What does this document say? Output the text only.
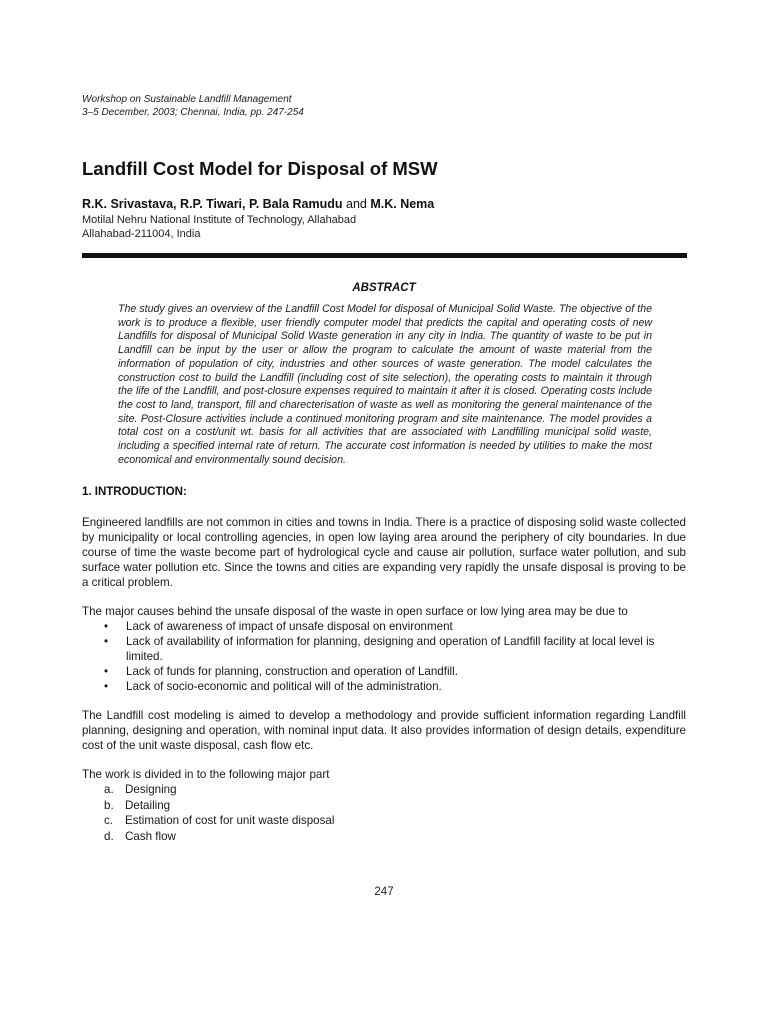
Workshop on Sustainable Landfill Management
3–5 December, 2003; Chennai, India, pp. 247-254
Landfill Cost Model for Disposal of MSW
R.K. Srivastava, R.P. Tiwari, P. Bala Ramudu and M.K. Nema
Motilal Nehru National Institute of Technology, Allahabad
Allahabad-211004, India
ABSTRACT
The study gives an overview of the Landfill Cost Model for disposal of Municipal Solid Waste. The objective of the work is to produce a flexible, user friendly computer model that predicts the capital and operating costs of new Landfills for disposal of Municipal Solid Waste generation in any city in India. The quantity of waste to be put in Landfill can be input by the user or allow the program to calculate the amount of waste material from the information of population of city, industries and other sources of waste generation. The model calculates the construction cost to build the Landfill (including cost of site selection), the operating costs to maintain it through the life of the Landfill, and post-closure expenses required to maintain it after it is closed. Operating costs include the cost to land, transport, fill and charecterisation of waste as well as monitoring the general maintenance of the site. Post-Closure activities include a continued monitoring program and site maintenance. The model provides a total cost on a cost/unit wt. basis for all activities that are associated with Landfilling municipal solid waste, including a specified internal rate of return. The accurate cost information is needed by utilities to make the most economical and environmentally sound decision.
1. INTRODUCTION:

Engineered landfills are not common in cities and towns in India. There is a practice of disposing solid waste collected by municipality or local controlling agencies, in open low laying area around the periphery of city boundaries. In due course of time the waste become part of hydrological cycle and cause air pollution, surface water pollution, and sub surface water pollution etc. Since the towns and cities are expanding very rapidly the unsafe disposal is proving to be a critical problem.

The major causes behind the unsafe disposal of the waste in open surface or low lying area may be due to

• Lack of awareness of impact of unsafe disposal on environment
• Lack of availability of information for planning, designing and operation of Landfill facility at local level is limited.
• Lack of funds for planning, construction and operation of Landfill.
• Lack of socio-economic and political will of the administration.

The Landfill cost modeling is aimed to develop a methodology and provide sufficient information regarding Landfill planning, designing and operation, with nominal input data. It also provides information of design details, expenditure cost of the unit waste disposal, cash flow etc.

The work is divided in to the following major part

a. Designing
b. Detailing
c. Estimation of cost for unit waste disposal
d. Cash flow
247
